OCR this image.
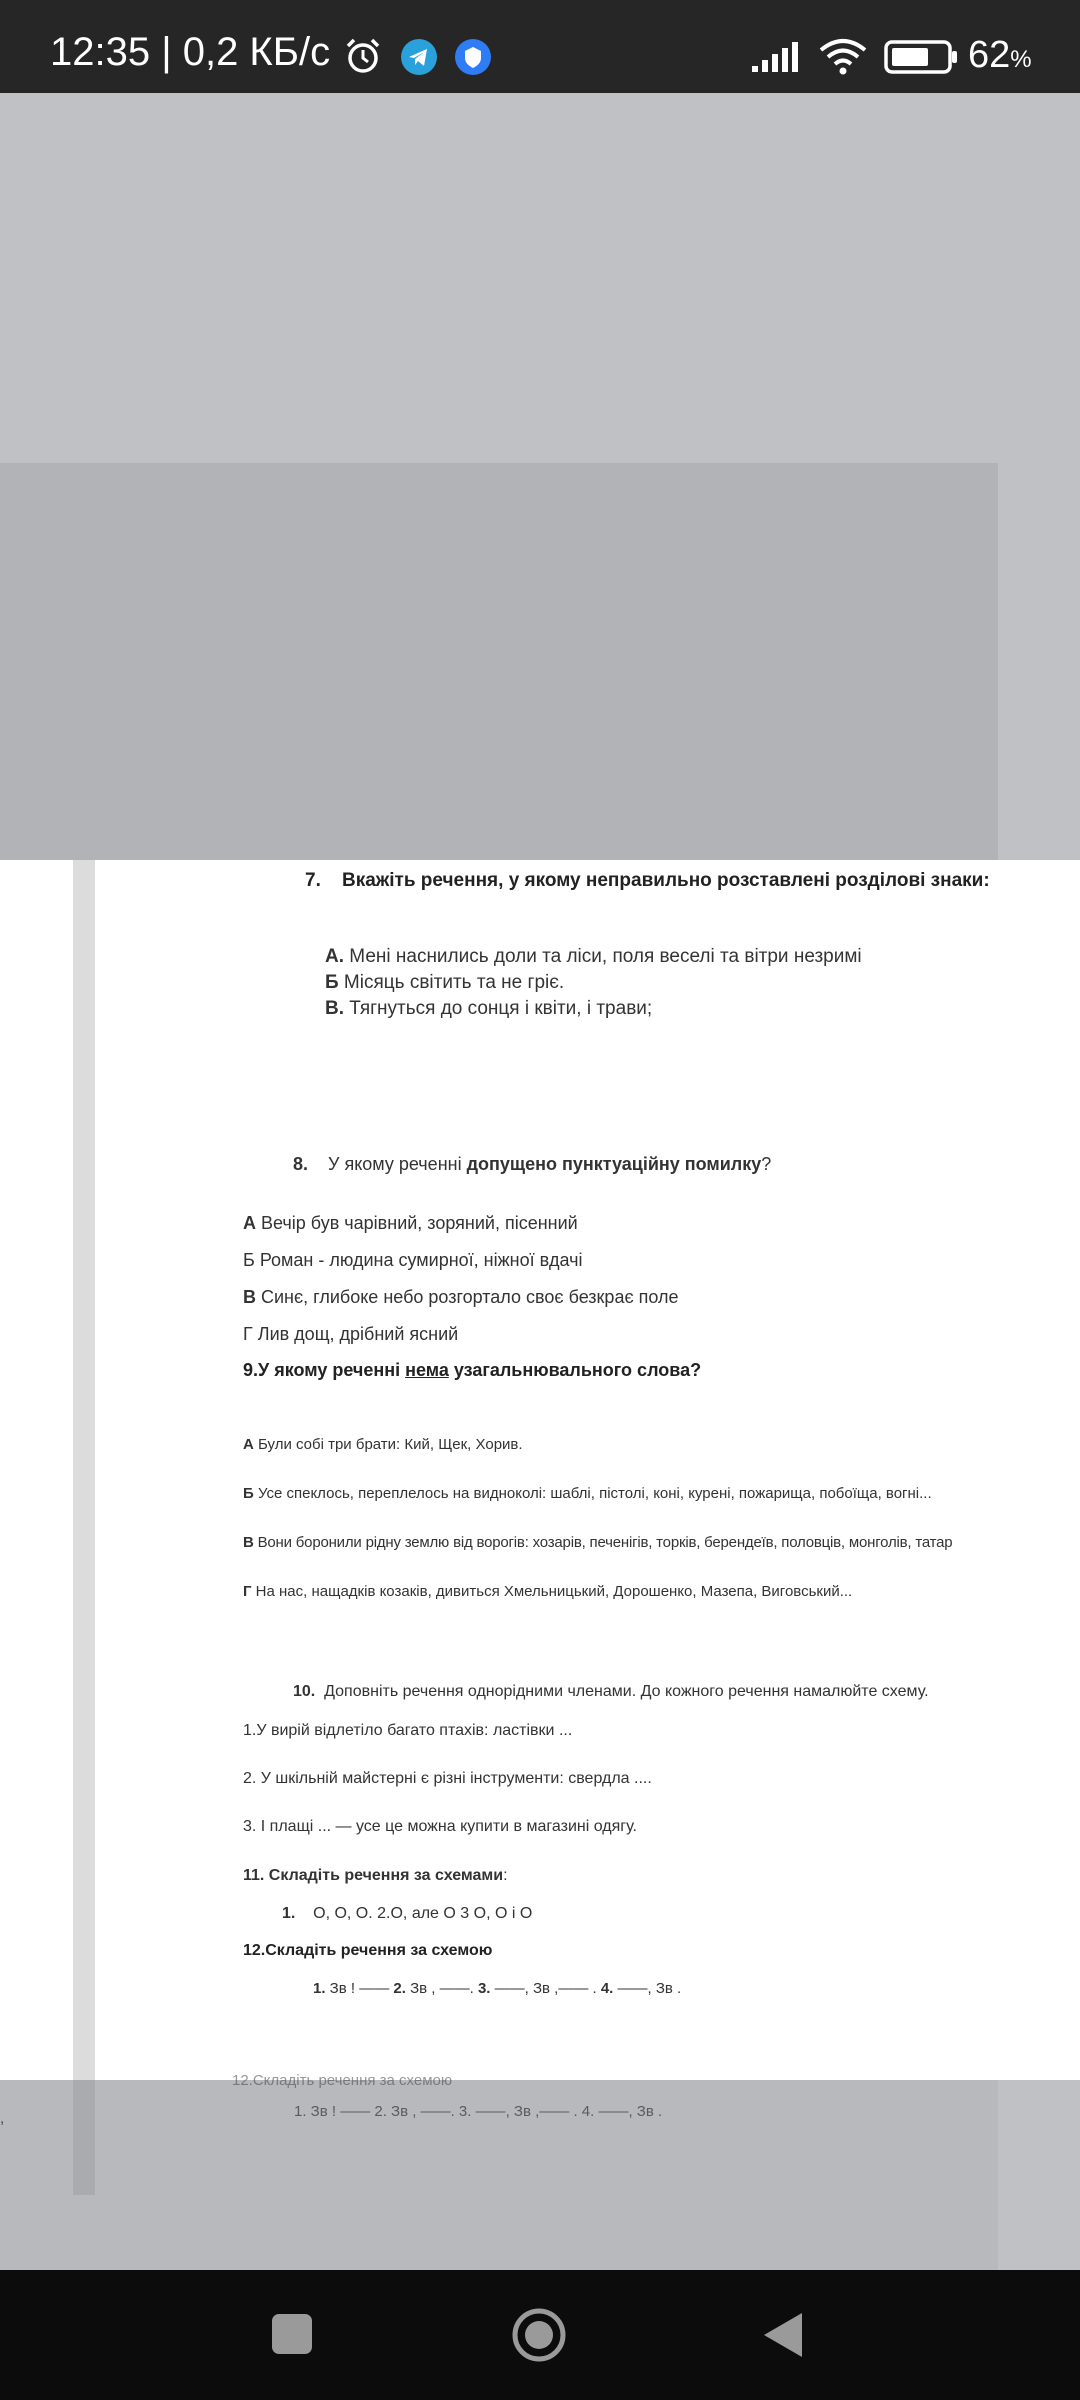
12:35 | 0,2 КБ/с	62%
7. Вкажіть речення, у якому неправильно розставлені розділові знаки:
А. Мені наснились доли та ліси, поля веселі та вітри незримі
Б Місяць світить та не гріє.
В. Тягнуться до сонця і квіти, і трави;
8. У якому реченні допущено пунктуаційну помилку?
А Вечір був чарівний, зоряний, пісенний
Б Роман - людина сумирної, ніжної вдачі
В Синє, глибоке небо розгортало своє безкрає поле
Г Лив дощ, дрібний ясний
9.У якому реченні нема узагальнювального слова?
А Були собі три брати: Кий, Щек, Хорив.
Б Усе спеклось, переплелось на видноколі: шаблі, пістолі, коні, курені, пожарища, побоїща, вогні...
В Вони боронили рідну землю від ворогів: хозарів, печенігів, торків, берендеїв, половців, монголів, татар
Г На нас, нащадків козаків, дивиться Хмельницький, Дорошенко, Мазепа, Виговський...
10. Доповніть речення однорідними членами. До кожного речення намалюйте схему.
1.У вирій відлетіло багато птахів: ластівки ...
2. У шкільній майстерні є різні інструменти: свердла ....
3. І плащі ... — усе це можна купити в магазині одягу.
11. Складіть речення за схемами:
1. О, О, О. 2.О, але О 3 О, О і О
12.Складіть речення за схемою
1. Зв ! —— 2. Зв , ——. 3. ——, Зв ,—— . 4. ——, Зв .
12.Складіть речення за схемою
1. Зв ! —— 2. Зв , ——. 3. ——, Зв ,—— . 4. ——, Зв .
,
